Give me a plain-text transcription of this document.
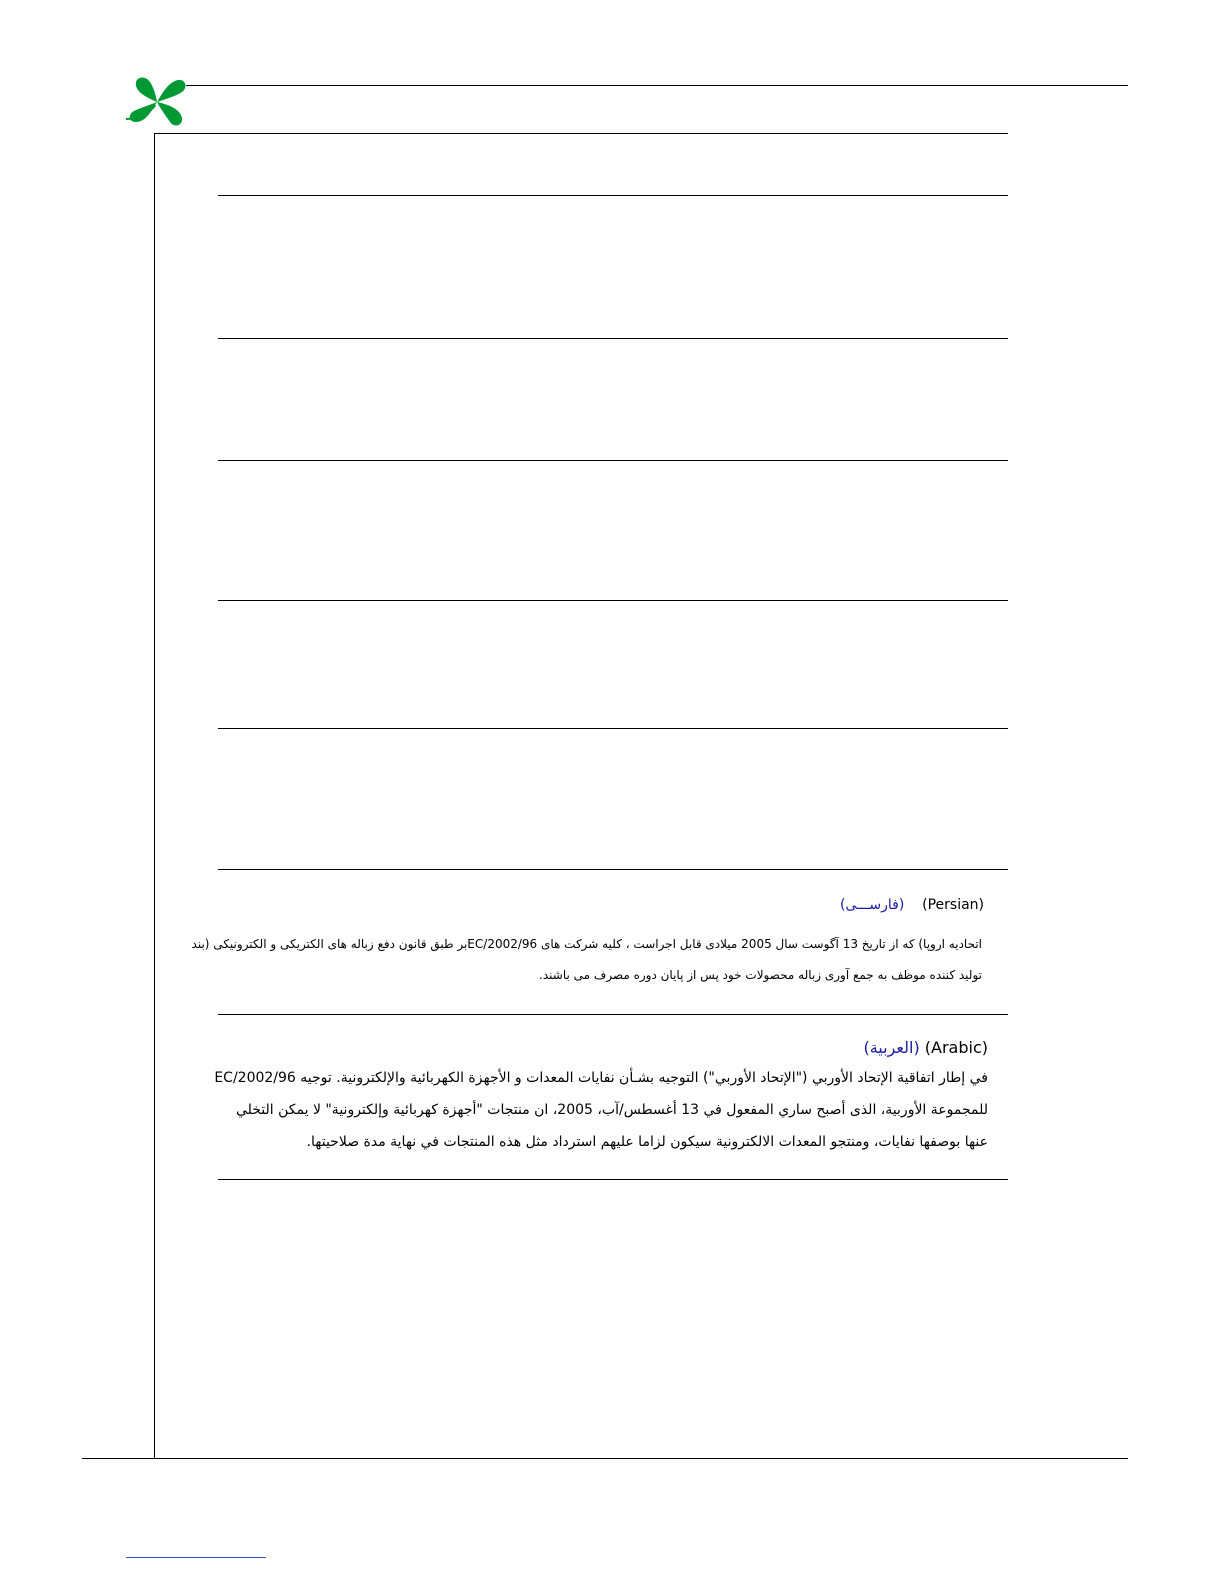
(فارســـی) (Persian)
اتحادیه اروپا) که از تاریخ 13 آگوست سال 2005 میلادی قابل اجراست ، کلیه شرکت های 2002/96/ECبر طبق قانون دفع زباله های الکتریکی و الکترونیکی (بند
تولید کننده موظف به جمع آوری زباله محصولات خود پس از پایان دوره مصرف می باشند.
(العربية) (Arabic)
في إطار اتفاقية الإتحاد الأوربي ("الإتحاد الأوربي") التوجيه بشـأن نفايات المعدات و الأجهزة الكهربائية والإلكترونية. توجيه 2002/96/EC
للمجموعة الأوربية، الذى أصبح ساري المفعول في 13 أغسطس/آب، 2005، ان منتجات "أجهزة كهربائية وإلكترونية" لا يمكن التخلي
عنها بوصفها نفايات، ومنتجو المعدات الالكترونية سيكون لزاما عليهم استرداد مثل هذه المنتجات في نهاية مدة صلاحيتها.
